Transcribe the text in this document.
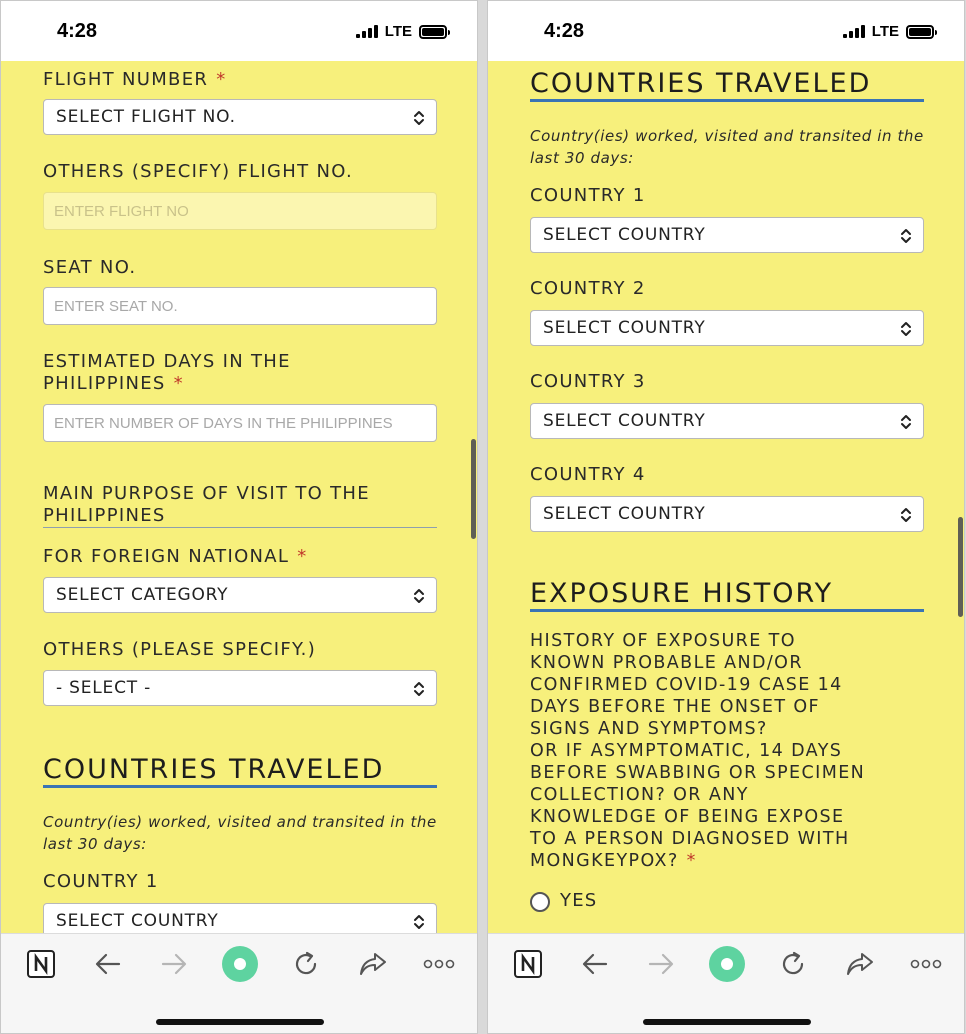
4:28	LTE
FLIGHT NUMBER *
SELECT FLIGHT NO.
OTHERS (SPECIFY) FLIGHT NO.
ENTER FLIGHT NO
SEAT NO.
ENTER SEAT NO.
ESTIMATED DAYS IN THE
PHILIPPINES *
ENTER NUMBER OF DAYS IN THE PHILIPPINES
MAIN PURPOSE OF VISIT TO THE
PHILIPPINES
FOR FOREIGN NATIONAL *
SELECT CATEGORY
OTHERS (PLEASE SPECIFY.)
- SELECT -
COUNTRIES TRAVELED
Country(ies) worked, visited and transited in the last 30 days:
COUNTRY 1
SELECT COUNTRY
4:28	LTE
COUNTRIES TRAVELED
Country(ies) worked, visited and transited in the last 30 days:
COUNTRY 1
SELECT COUNTRY
COUNTRY 2
SELECT COUNTRY
COUNTRY 3
SELECT COUNTRY
COUNTRY 4
SELECT COUNTRY
EXPOSURE HISTORY
HISTORY OF EXPOSURE TO
KNOWN PROBABLE AND/OR
CONFIRMED COVID-19 CASE 14
DAYS BEFORE THE ONSET OF
SIGNS AND SYMPTOMS?
OR IF ASYMPTOMATIC, 14 DAYS
BEFORE SWABBING OR SPECIMEN
COLLECTION? OR ANY
KNOWLEDGE OF BEING EXPOSE
TO A PERSON DIAGNOSED WITH
MONGKEYPOX? *
YES
